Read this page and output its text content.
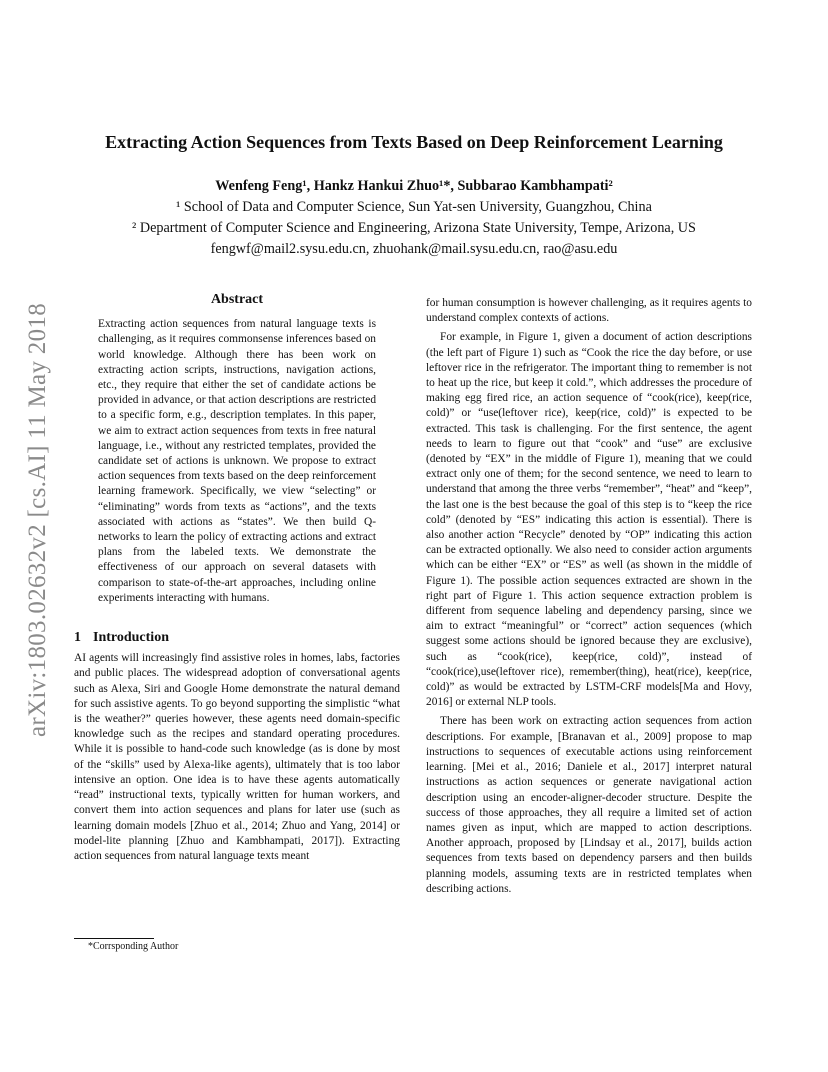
arXiv:1803.02632v2 [cs.AI] 11 May 2018
Extracting Action Sequences from Texts Based on Deep Reinforcement Learning
Wenfeng Feng¹, Hankz Hankui Zhuo¹*, Subbarao Kambhampati²
¹ School of Data and Computer Science, Sun Yat-sen University, Guangzhou, China
² Department of Computer Science and Engineering, Arizona State University, Tempe, Arizona, US
fengwf@mail2.sysu.edu.cn, zhuohank@mail.sysu.edu.cn, rao@asu.edu
Abstract

Extracting action sequences from natural language texts is challenging, as it requires commonsense inferences based on world knowledge. Although there has been work on extracting action scripts, instructions, navigation actions, etc., they require that either the set of candidate actions be provided in advance, or that action descriptions are restricted to a specific form, e.g., description templates. In this paper, we aim to extract action sequences from texts in free natural language, i.e., without any restricted templates, provided the candidate set of actions is unknown. We propose to extract action sequences from texts based on the deep reinforcement learning framework. Specifically, we view “selecting” or “eliminating” words from texts as “actions”, and the texts associated with actions as “states”. We then build Q-networks to learn the policy of extracting actions and extract plans from the labeled texts. We demonstrate the effectiveness of our approach on several datasets with comparison to state-of-the-art approaches, including online experiments interacting with humans.

1 Introduction

AI agents will increasingly find assistive roles in homes, labs, factories and public places. The widespread adoption of conversational agents such as Alexa, Siri and Google Home demonstrate the natural demand for such assistive agents. To go beyond supporting the simplistic “what is the weather?” queries however, these agents need domain-specific knowledge such as the recipes and standard operating procedures. While it is possible to hand-code such knowledge (as is done by most of the “skills” used by Alexa-like agents), ultimately that is too labor intensive an option. One idea is to have these agents automatically “read” instructional texts, typically written for human workers, and convert them into action sequences and plans for later use (such as learning domain models [Zhuo et al., 2014; Zhuo and Yang, 2014] or model-lite planning [Zhuo and Kambhampati, 2017]). Extracting action sequences from natural language texts meant

for human consumption is however challenging, as it requires agents to understand complex contexts of actions.

For example, in Figure 1, given a document of action descriptions (the left part of Figure 1) such as “Cook the rice the day before, or use leftover rice in the refrigerator. The important thing to remember is not to heat up the rice, but keep it cold.”, which addresses the procedure of making egg fired rice, an action sequence of “cook(rice), keep(rice, cold)” or “use(leftover rice), keep(rice, cold)” is expected to be extracted. This task is challenging. For the first sentence, the agent needs to learn to figure out that “cook” and “use” are exclusive (denoted by “EX” in the middle of Figure 1), meaning that we could extract only one of them; for the second sentence, we need to learn to understand that among the three verbs “remember”, “heat” and “keep”, the last one is the best because the goal of this step is to “keep the rice cold” (denoted by “ES” indicating this action is essential). There is also another action “Recycle” denoted by “OP” indicating this action can be extracted optionally. We also need to consider action arguments which can be either “EX” or “ES” as well (as shown in the middle of Figure 1). The possible action sequences extracted are shown in the right part of Figure 1. This action sequence extraction problem is different from sequence labeling and dependency parsing, since we aim to extract “meaningful” or “correct” action sequences (which suggest some actions should be ignored because they are exclusive), such as “cook(rice), keep(rice, cold)”, instead of “cook(rice),use(leftover rice), remember(thing), heat(rice), keep(rice, cold)” as would be extracted by LSTM-CRF models[Ma and Hovy, 2016] or external NLP tools.

There has been work on extracting action sequences from action descriptions. For example, [Branavan et al., 2009] propose to map instructions to sequences of executable actions using reinforcement learning. [Mei et al., 2016; Daniele et al., 2017] interpret natural instructions as action sequences or generate navigational action description using an encoder-aligner-decoder structure. Despite the success of those approaches, they all require a limited set of action names given as input, which are mapped to action descriptions. Another approach, proposed by [Lindsay et al., 2017], builds action sequences from texts based on dependency parsers and then builds planning models, assuming texts are in restricted templates when describing actions.

*Corrsponding Author
